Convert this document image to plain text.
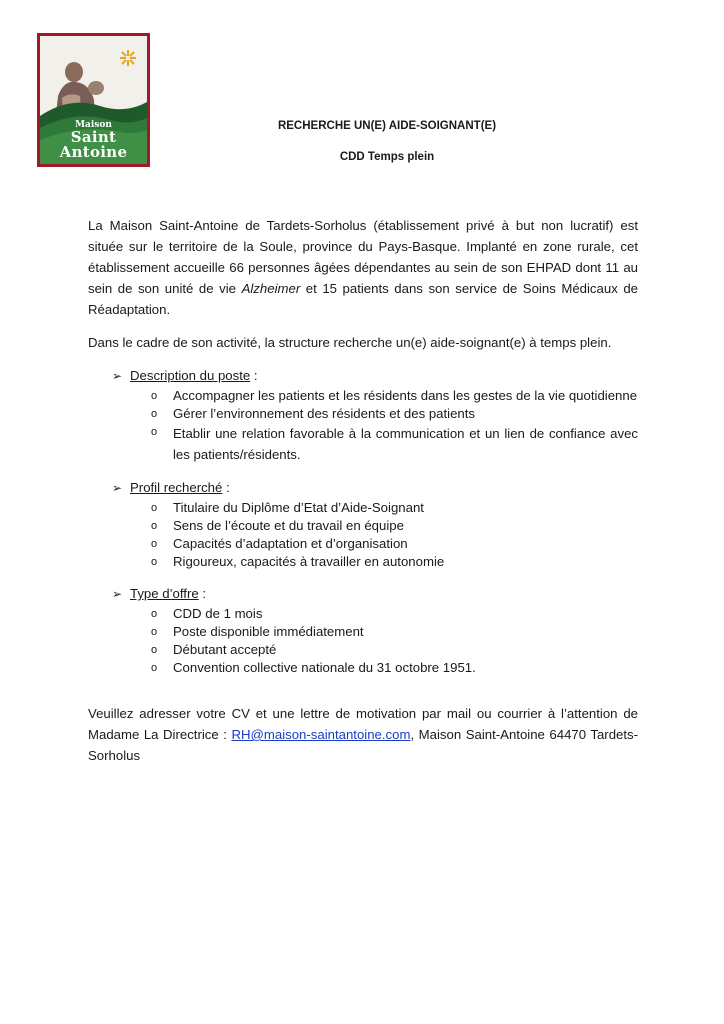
Maison
Saint
Antoine
RECHERCHE UN(E) AIDE-SOIGNANT(E)
CDD Temps plein

La Maison Saint-Antoine de Tardets-Sorholus (établissement privé à but non lucratif) est située sur le territoire de la Soule, province du Pays-Basque. Implanté en zone rurale, cet établissement accueille 66 personnes âgées dépendantes au sein de son EHPAD dont 11 au sein de son unité de vie Alzheimer et 15 patients dans son service de Soins Médicaux de Réadaptation.

Dans le cadre de son activité, la structure recherche un(e) aide-soignant(e) à temps plein.

➢ Description du poste :
o	Accompagner les patients et les résidents dans les gestes de la vie quotidienne
o	Gérer l’environnement des résidents et des patients
o	Etablir une relation favorable à la communication et un lien de confiance avec les patients/résidents.
➢ Profil recherché :
o	Titulaire du Diplôme d’Etat d’Aide-Soignant
o	Sens de l’écoute et du travail en équipe
o	Capacités d’adaptation et d’organisation
o	Rigoureux, capacités à travailler en autonomie
➢ Type d’offre :
o	CDD de 1 mois
o	Poste disponible immédiatement
o	Débutant accepté
o	Convention collective nationale du 31 octobre 1951.

Veuillez adresser votre CV et une lettre de motivation par mail ou courrier à l’attention de Madame La Directrice : RH@maison-saintantoine.com, Maison Saint-Antoine 64470 Tardets-Sorholus
